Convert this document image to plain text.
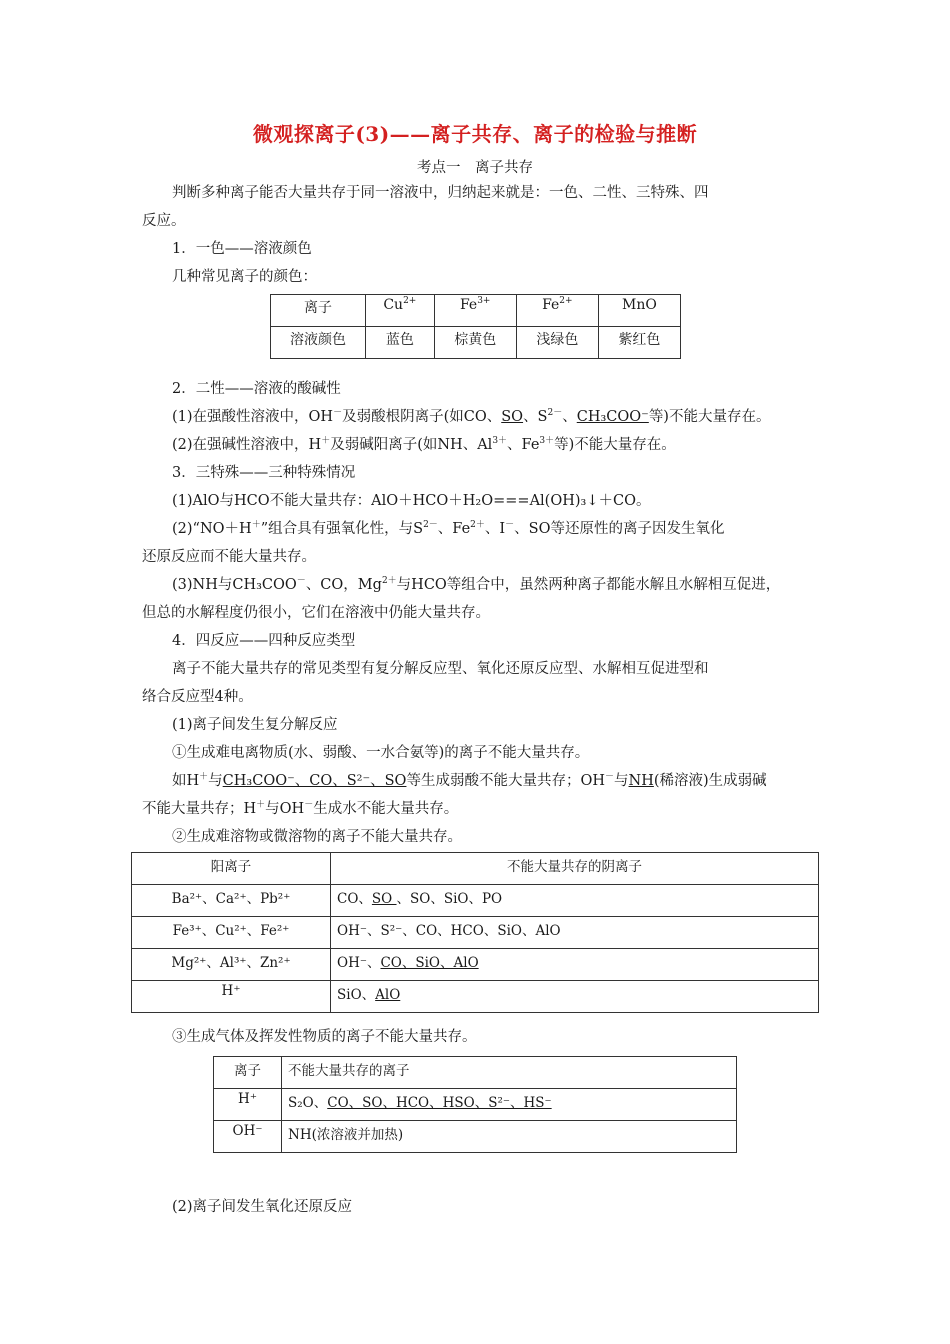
微观探离子(3)——离子共存、离子的检验与推断
考点一　离子共存
判断多种离子能否大量共存于同一溶液中，归纳起来就是：一色、二性、三特殊、四
反应。
1．一色——溶液颜色
几种常见离子的颜色：
离子	$Cu^{2+}$	$Fe^{3+}$	$Fe^{2+}$	MnO
溶液颜色	蓝色	棕黄色	浅绿色	紫红色
2．二性——溶液的酸碱性
(1)在强酸性溶液中，OH－及弱酸根阴离子(如CO、SO、$S^{2-}$、CH₃COO⁻等)不能大量存在。
(2)在强碱性溶液中，H＋及弱碱阳离子(如NH、$Al^{3+}$、$Fe^{3+}$等)不能大量存在。
3．三特殊——三种特殊情况
(1)AlO与HCO不能大量共存：AlO＋HCO＋H₂O===Al(OH)₃↓＋CO。
(2)“NO＋H＋”组合具有强氧化性，与$S^{2-}$、$Fe^{2+}$、I－、SO等还原性的离子因发生氧化
还原反应而不能大量共存。
(3)NH与CH₃COO－、CO，$Mg^{2+}$与HCO等组合中，虽然两种离子都能水解且水解相互促进，
但总的水解程度仍很小，它们在溶液中仍能大量共存。
4．四反应——四种反应类型
离子不能大量共存的常见类型有复分解反应型、氧化还原反应型、水解相互促进型和
络合反应型4种。
(1)离子间发生复分解反应
①生成难电离物质(水、弱酸、一水合氨等)的离子不能大量共存。
如H＋与CH₃COO⁻、CO、S²⁻、SO等生成弱酸不能大量共存；OH－与NH(稀溶液)生成弱碱
不能大量共存；H＋与OH－生成水不能大量共存。
②生成难溶物或微溶物的离子不能大量共存。
阳离子	不能大量共存的阴离子
Ba²⁺、Ca²⁺、Pb²⁺	CO、SO 、SO、SiO、PO
Fe³⁺、Cu²⁺、Fe²⁺	OH⁻、S²⁻、CO、HCO、SiO、AlO
Mg²⁺、Al³⁺、Zn²⁺	OH⁻、CO、SiO、AlO
H⁺	SiO、AlO
③生成气体及挥发性物质的离子不能大量共存。
离子	不能大量共存的离子
H⁺	S₂O、CO、SO、HCO、HSO、S²⁻、HS⁻
OH⁻	NH(浓溶液并加热)
(2)离子间发生氧化还原反应
